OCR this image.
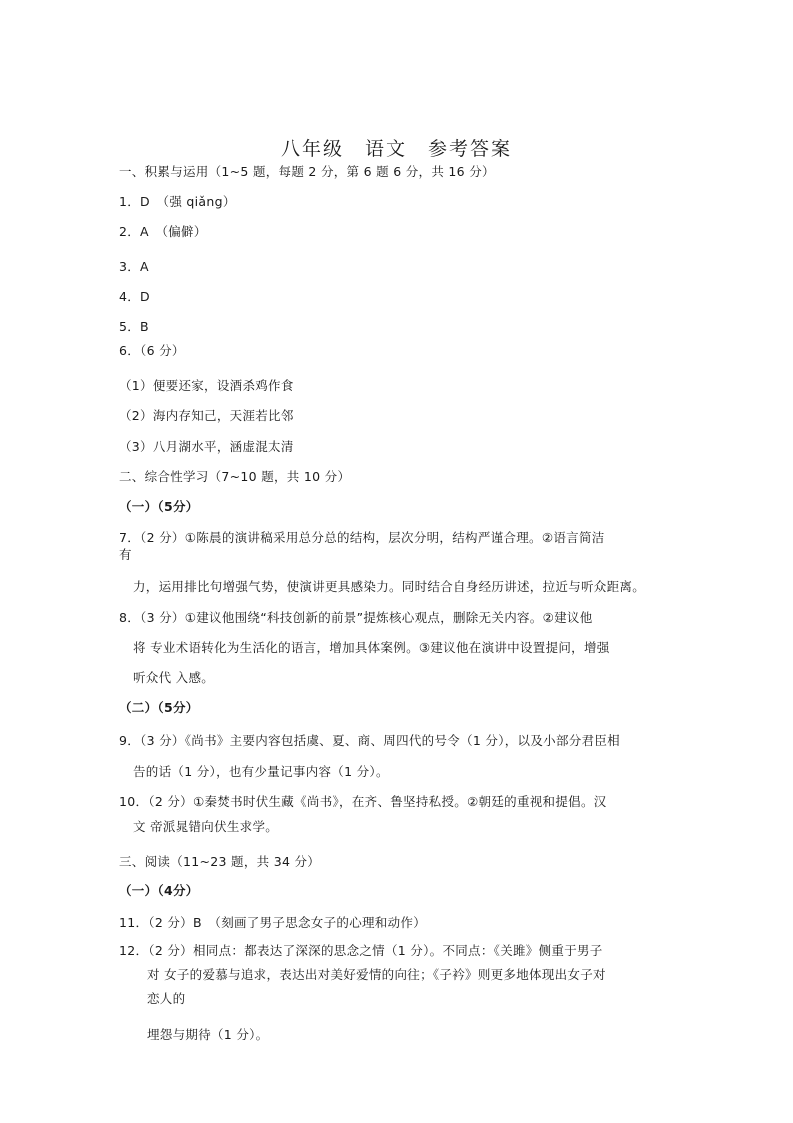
八年级　语文　参考答案
一、积累与运用（1~5 题，每题 2 分，第 6 题 6 分，共 16 分）
1．D　（强 qiǎng）
2．A　（偏僻）
3．A
4．D
5．B
6．（6 分）
（1）便要还家，设酒杀鸡作食
（2）海内存知己，天涯若比邻
（3）八月湖水平，涵虚混太清
二、综合性学习（7~10 题，共 10 分）
（一）（5分）
7．（2 分）①陈晨的演讲稿采用总分总的结构，层次分明，结构严谨合理。②语言简洁
有
力，运用排比句增强气势，使演讲更具感染力。同时结合自身经历讲述，拉近与听众距离。
8．（3 分）①建议他围绕“科技创新的前景”提炼核心观点，删除无关内容。②建议他
将 专业术语转化为生活化的语言，增加具体案例。③建议他在演讲中设置提问，增强
听众代 入感。
（二）（5分）
9．（3 分）《尚书》主要内容包括虞、夏、商、周四代的号令（1 分），以及小部分君臣相
告的话（1 分），也有少量记事内容（1 分）。
10．（2 分）①秦焚书时伏生藏《尚书》，在齐、鲁坚持私授。②朝廷的重视和提倡。汉
文 帝派晁错向伏生求学。
三、阅读（11~23 题，共 34 分）
（一）（4分）
11．（2 分）B　（刻画了男子思念女子的心理和动作）
12．（2 分）相同点：都表达了深深的思念之情（1 分）。不同点：《关雎》侧重于男子
对 女子的爱慕与追求，表达出对美好爱情的向往；《子衿》则更多地体现出女子对
恋人的
埋怨与期待（1 分）。
